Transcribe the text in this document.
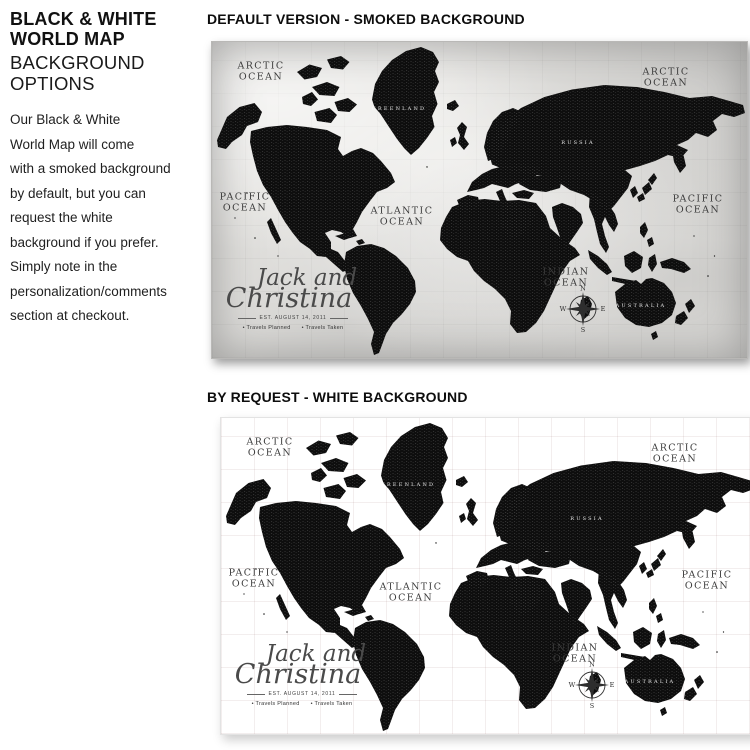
BLACK & WHITE
WORLD MAP
BACKGROUND
OPTIONS
Our Black & White
World Map will come
with a smoked background
by default, but you can
request the white
background if you prefer.
Simply note in the
personalization/comments
section at checkout.
DEFAULT VERSION - SMOKED BACKGROUND
BY REQUEST - WHITE BACKGROUND
ARCTIC
OCEAN	ARCTIC
OCEAN
PACIFIC
OCEAN
PACIFIC
OCEAN
ATLANTIC
OCEAN
INDIAN
OCEAN
GREENLAND
RUSSIA
AUSTRALIA
Jack and
Christina
EST. AUGUST 14, 2011
• Travels Planned • Travels Taken
ARCTIC
OCEAN	ARCTIC
OCEAN
PACIFIC
OCEAN
PACIFIC
OCEAN
ATLANTIC
OCEAN
INDIAN
OCEAN
GREENLAND
RUSSIA
AUSTRALIA
Jack and
Christina
EST. AUGUST 14, 2011
• Travels Planned • Travels Taken
